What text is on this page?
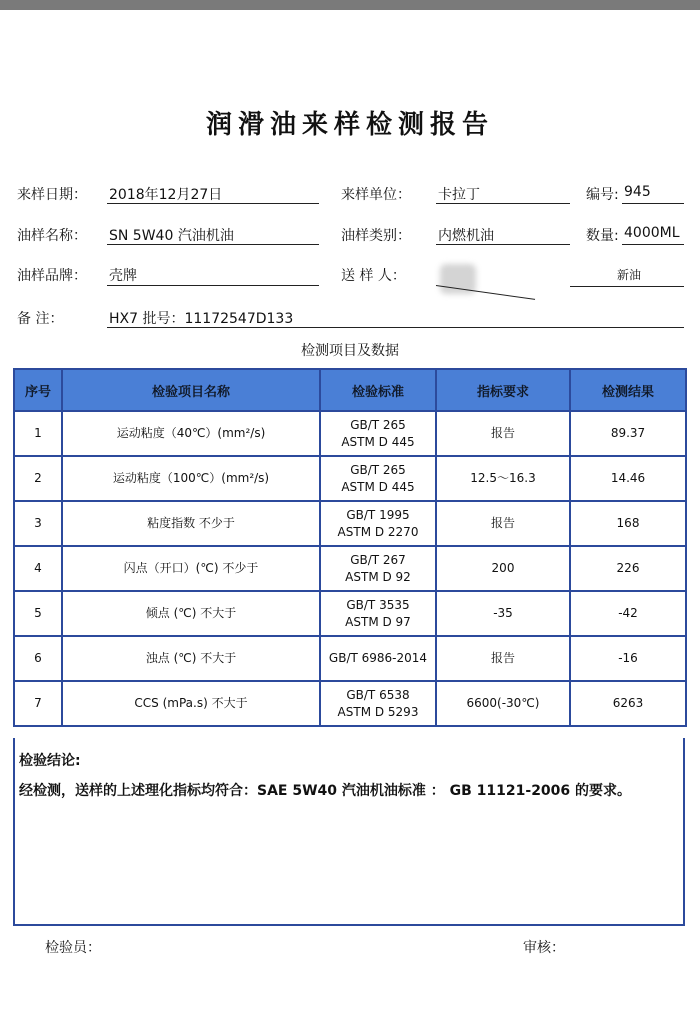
润滑油来样检测报告
来样日期： 2018年12月27日	来样单位： 卡拉丁	编号: 945
油样名称： SN 5W40 汽油机油	油样类别： 内燃机油	数量: 4000ML
油样品牌： 壳牌	送 样 人：	新油
备 注：	HX7 批号：11172547D133
检测项目及数据
序号	检验项目名称	检验标准	指标要求	检测结果
1	运动粘度（40℃）(mm²/s)	GB/T 265
ASTM D 445	报告	89.37
2	运动粘度（100℃）(mm²/s)	GB/T 265
ASTM D 445	12.5～16.3	14.46
3	粘度指数 不少于	GB/T 1995
ASTM D 2270	报告	168
4	闪点（开口）(℃) 不少于	GB/T 267
ASTM D 92	200	226
5	倾点 (℃) 不大于	GB/T 3535
ASTM D 97	-35	-42
6	浊点 (℃) 不大于	GB/T 6986-2014	报告	-16
7	CCS (mPa.s) 不大于	GB/T 6538
ASTM D 5293	6600(-30℃)	6263
检验结论:
经检测，送样的上述理化指标均符合：SAE 5W40 汽油机油标准 ： GB 11121-2006 的要求。
检验员：	审核：
